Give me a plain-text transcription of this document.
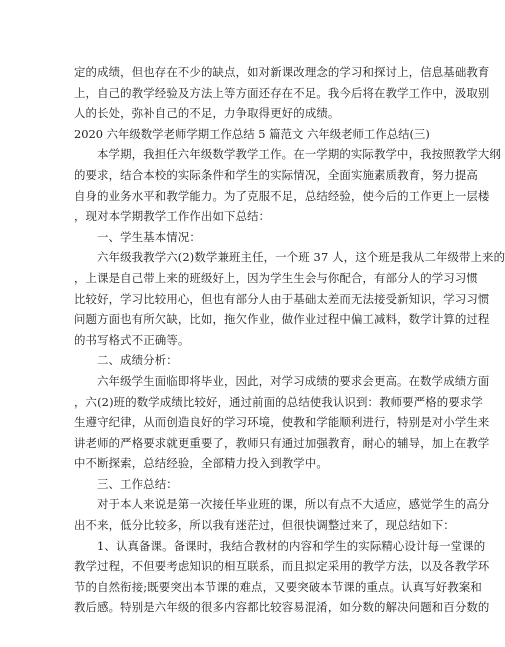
定的成绩，但也存在不少的缺点，如对新课改理念的学习和探讨上，信息基础教育
上，自己的教学经验及方法上等方面还存在不足。我今后将在教学工作中，汲取别
人的长处，弥补自己的不足，力争取得更好的成绩。
2020 六年级数学老师学期工作总结 5 篇范文 六年级老师工作总结(三)
本学期，我担任六年级数学教学工作。在一学期的实际教学中，我按照教学大纲
的要求，结合本校的实际条件和学生的实际情况，全面实施素质教育，努力提高
自身的业务水平和教学能力。为了克服不足，总结经验，使今后的工作更上一层楼
，现对本学期教学工作作出如下总结：
一、学生基本情况：
六年级我教学六(2)数学兼班主任，一个班 37 人，这个班是我从二年级带上来的
，上课是自己带上来的班级好上，因为学生生会与你配合，有部分人的学习习惯
比较好，学习比较用心，但也有部分人由于基础太差而无法接受新知识，学习习惯
问题方面也有所欠缺，比如，拖欠作业，做作业过程中偏工减料，数学计算的过程
的书写格式不正确等。
二、成绩分析：
六年级学生面临即将毕业，因此，对学习成绩的要求会更高。在数学成绩方面
，六(2)班的数学成绩比较好，通过前面的总结使我认识到：教师要严格的要求学
生遵守纪律，从而创造良好的学习环境，使教和学能顺利进行，特别是对小学生来
讲老师的严格要求就更重要了，教师只有通过加强教育，耐心的辅导，加上在教学
中不断探索，总结经验，全部精力投入到教学中。
三、工作总结：
对于本人来说是第一次接任毕业班的课，所以有点不大适应，感觉学生的高分
出不来，低分比较多，所以我有迷茫过，但很快调整过来了，现总结如下：
1、认真备课。备课时，我结合教材的内容和学生的实际精心设计每一堂课的
教学过程，不但要考虑知识的相互联系，而且拟定采用的教学方法，以及各教学环
节的自然衔接;既要突出本节课的难点，又要突破本节课的重点。认真写好教案和
教后感。特别是六年级的很多内容都比较容易混淆，如分数的解决问题和百分数的
